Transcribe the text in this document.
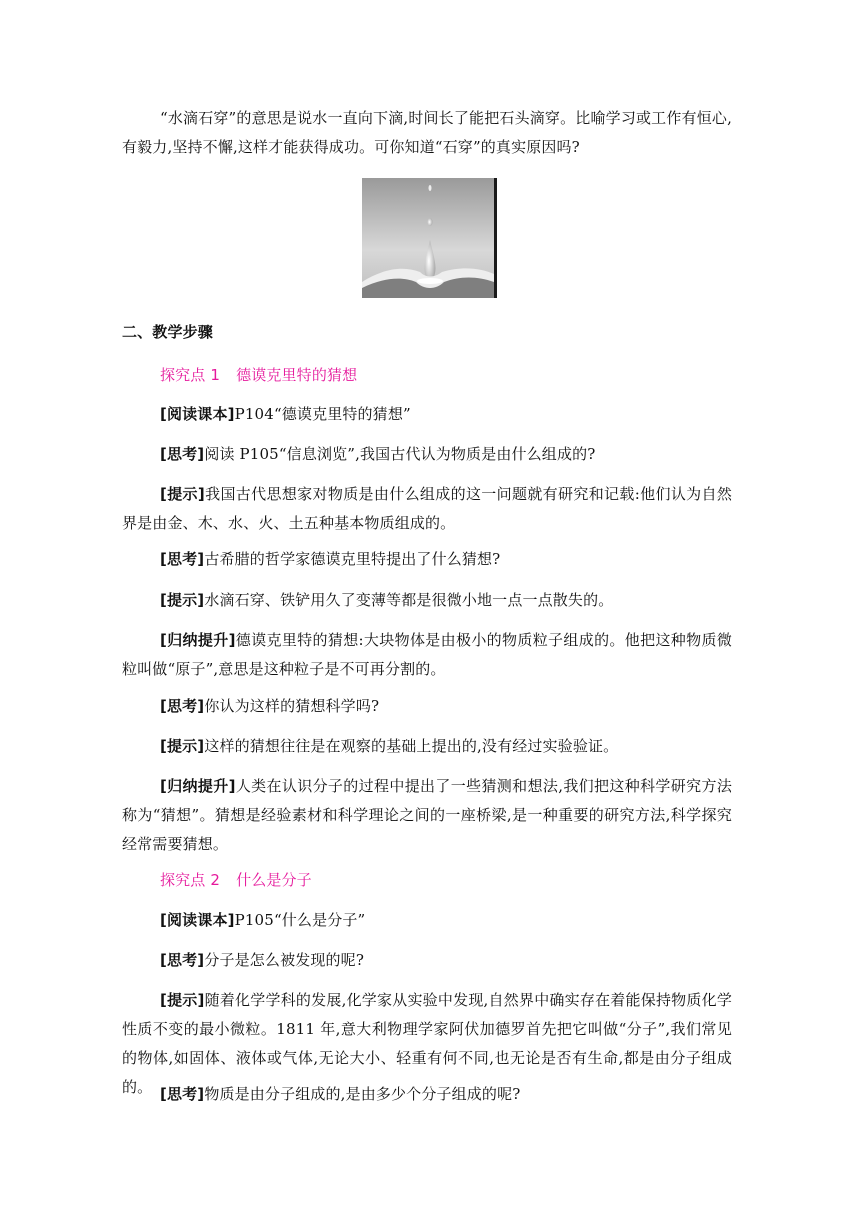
“水滴石穿”的意思是说水一直向下滴,时间长了能把石头滴穿。比喻学习或工作有恒心,有毅力,坚持不懈,这样才能获得成功。可你知道“石穿”的真实原因吗?

二、教学步骤

探究点 1 德谟克里特的猜想

[阅读课本]P104“德谟克里特的猜想”

[思考]阅读 P105“信息浏览”,我国古代认为物质是由什么组成的?

[提示]我国古代思想家对物质是由什么组成的这一问题就有研究和记载:他们认为自然界是由金、木、水、火、土五种基本物质组成的。

[思考]古希腊的哲学家德谟克里特提出了什么猜想?

[提示]水滴石穿、铁铲用久了变薄等都是很微小地一点一点散失的。

[归纳提升]德谟克里特的猜想:大块物体是由极小的物质粒子组成的。他把这种物质微粒叫做“原子”,意思是这种粒子是不可再分割的。

[思考]你认为这样的猜想科学吗?

[提示]这样的猜想往往是在观察的基础上提出的,没有经过实验验证。

[归纳提升]人类在认识分子的过程中提出了一些猜测和想法,我们把这种科学研究方法称为“猜想”。猜想是经验素材和科学理论之间的一座桥梁,是一种重要的研究方法,科学探究经常需要猜想。

探究点 2 什么是分子

[阅读课本]P105“什么是分子”

[思考]分子是怎么被发现的呢?

[提示]随着化学学科的发展,化学家从实验中发现,自然界中确实存在着能保持物质化学性质不变的最小微粒。1811 年,意大利物理学家阿伏加德罗首先把它叫做“分子”,我们常见的物体,如固体、液体或气体,无论大小、轻重有何不同,也无论是否有生命,都是由分子组成的。 [思考]物质是由分子组成的,是由多少个分子组成的呢?
